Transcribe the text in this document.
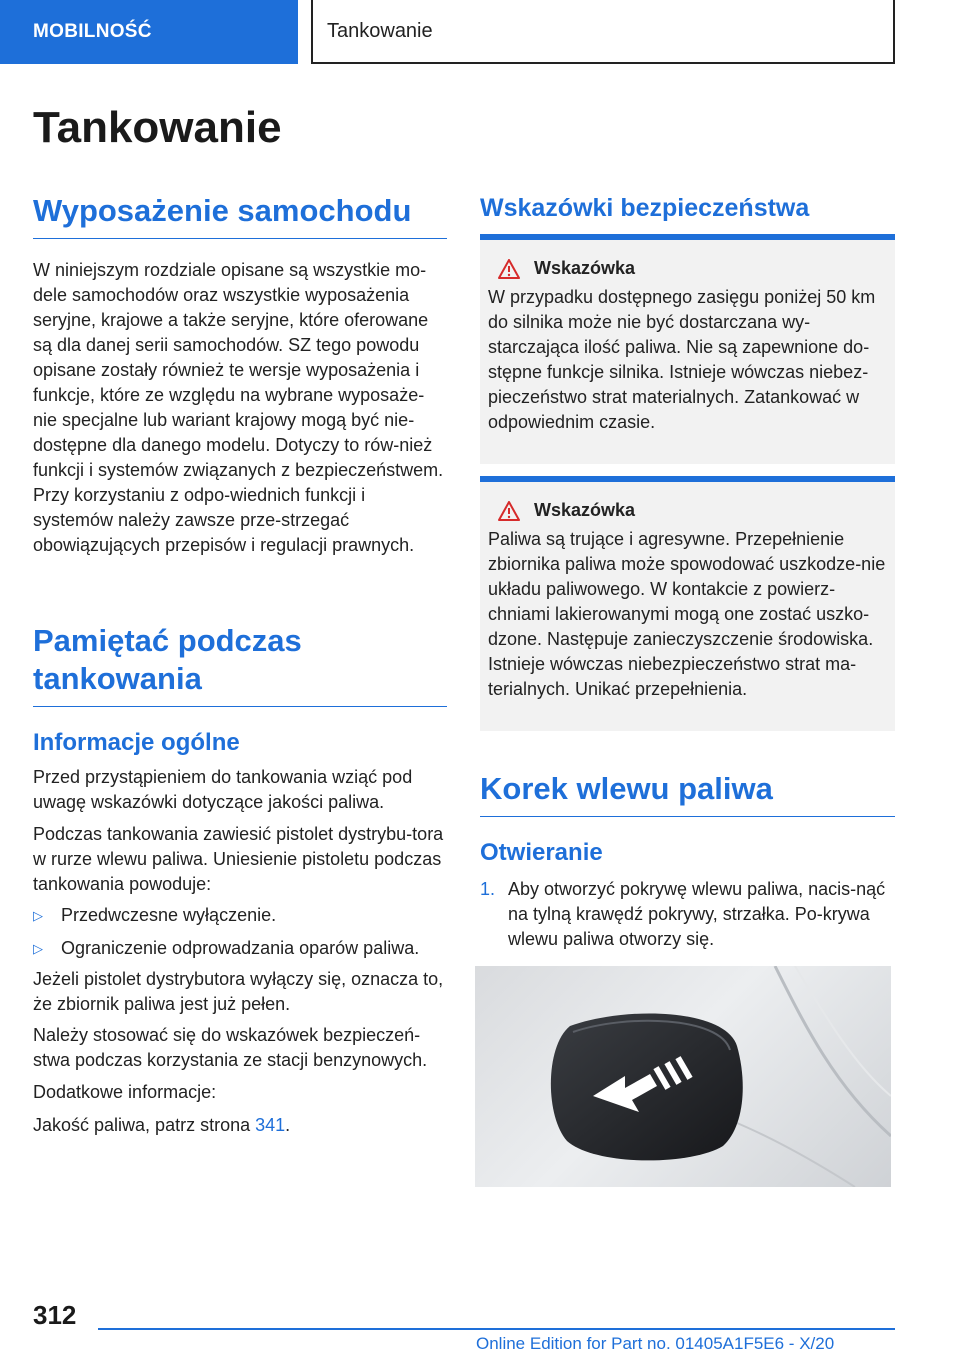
MOBILNOŚĆ	Tankowanie
Tankowanie
Wyposażenie samochodu

W niniejszym rozdziale opisane są wszystkie mo-dele samochodów oraz wszystkie wyposażenia seryjne, krajowe a także seryjne, które oferowane są dla danej serii samochodów. SZ tego powodu opisane zostały również te wersje wyposażenia i funkcje, które ze względu na wybrane wyposaże-nie specjalne lub wariant krajowy mogą być nie-dostępne dla danego modelu. Dotyczy to rów-nież funkcji i systemów związanych z bezpieczeństwem. Przy korzystaniu z odpo-wiednich funkcji i systemów należy zawsze prze-strzegać obowiązujących przepisów i regulacji prawnych.

Pamiętać podczas tankowania
Informacje ogólne

Przed przystąpieniem do tankowania wziąć pod uwagę wskazówki dotyczące jakości paliwa.

Podczas tankowania zawiesić pistolet dystrybu-tora w rurze wlewu paliwa. Uniesienie pistoletu podczas tankowania powoduje:

▷ Przedwczesne wyłączenie.
▷ Ograniczenie odprowadzania oparów paliwa.

Jeżeli pistolet dystrybutora wyłączy się, oznacza to, że zbiornik paliwa jest już pełen.

Należy stosować się do wskazówek bezpieczeń-stwa podczas korzystania ze stacji benzynowych.

Dodatkowe informacje:

Jakość paliwa, patrz strona 341.

Wskazówki bezpieczeństwa
Wskazówka

W przypadku dostępnego zasięgu poniżej 50 km do silnika może nie być dostarczana wy-starczająca ilość paliwa. Nie są zapewnione do-stępne funkcje silnika. Istnieje wówczas niebez-pieczeństwo strat materialnych. Zatankować w odpowiednim czasie.

Wskazówka

Paliwa są trujące i agresywne. Przepełnienie zbiornika paliwa może spowodować uszkodze-nie układu paliwowego. W kontakcie z powierz-chniami lakierowanymi mogą one zostać uszko-dzone. Następuje zanieczyszczenie środowiska. Istnieje wówczas niebezpieczeństwo strat ma-terialnych. Unikać przepełnienia.

Korek wlewu paliwa
Otwieranie
1. Aby otworzyć pokrywę wlewu paliwa, nacis-nąć na tylną krawędź pokrywy, strzałka. Po-krywa wlewu paliwa otworzy się.
312
Online Edition for Part no. 01405A1F5E6 - X/20
